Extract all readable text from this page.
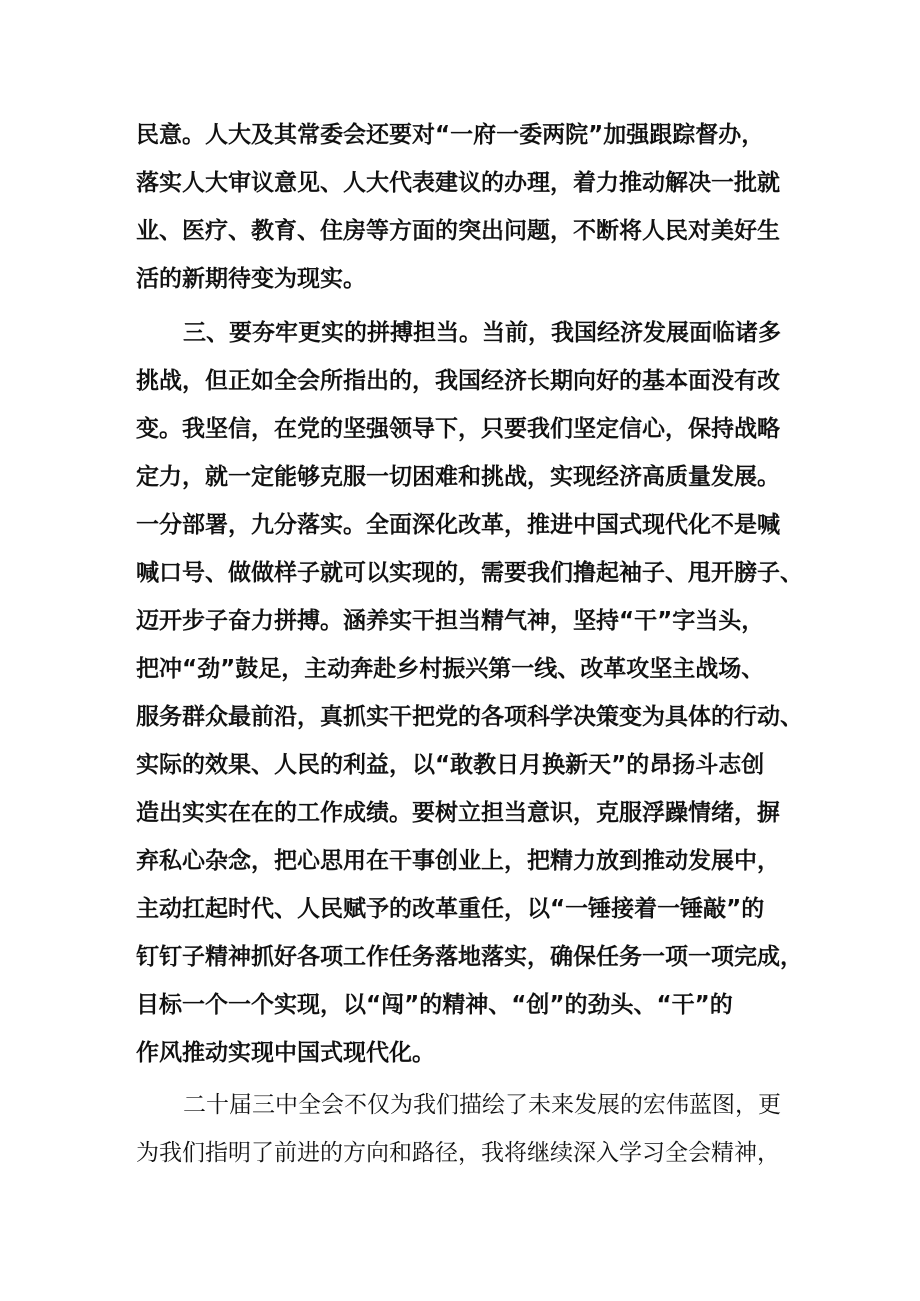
民意。人大及其常委会还要对“一府一委两院”加强跟踪督办，
落实人大审议意见、人大代表建议的办理，着力推动解决一批就
业、医疗、教育、住房等方面的突出问题，不断将人民对美好生
活的新期待变为现实。
三、要夯牢更实的拼搏担当。当前，我国经济发展面临诸多
挑战，但正如全会所指出的，我国经济长期向好的基本面没有改
变。我坚信，在党的坚强领导下，只要我们坚定信心，保持战略
定力，就一定能够克服一切困难和挑战，实现经济高质量发展。
一分部署，九分落实。全面深化改革，推进中国式现代化不是喊
喊口号、做做样子就可以实现的，需要我们撸起袖子、甩开膀子、
迈开步子奋力拼搏。涵养实干担当精气神，坚持“干”字当头，
把冲“劲”鼓足，主动奔赴乡村振兴第一线、改革攻坚主战场、
服务群众最前沿，真抓实干把党的各项科学决策变为具体的行动、
实际的效果、人民的利益，以“敢教日月换新天”的昂扬斗志创
造出实实在在的工作成绩。要树立担当意识，克服浮躁情绪，摒
弃私心杂念，把心思用在干事创业上，把精力放到推动发展中，
主动扛起时代、人民赋予的改革重任，以“一锤接着一锤敲”的
钉钉子精神抓好各项工作任务落地落实，确保任务一项一项完成，
目标一个一个实现，以“闯”的精神、“创”的劲头、“干”的
作风推动实现中国式现代化。
二十届三中全会不仅为我们描绘了未来发展的宏伟蓝图，更
为我们指明了前进的方向和路径，我将继续深入学习全会精神，
